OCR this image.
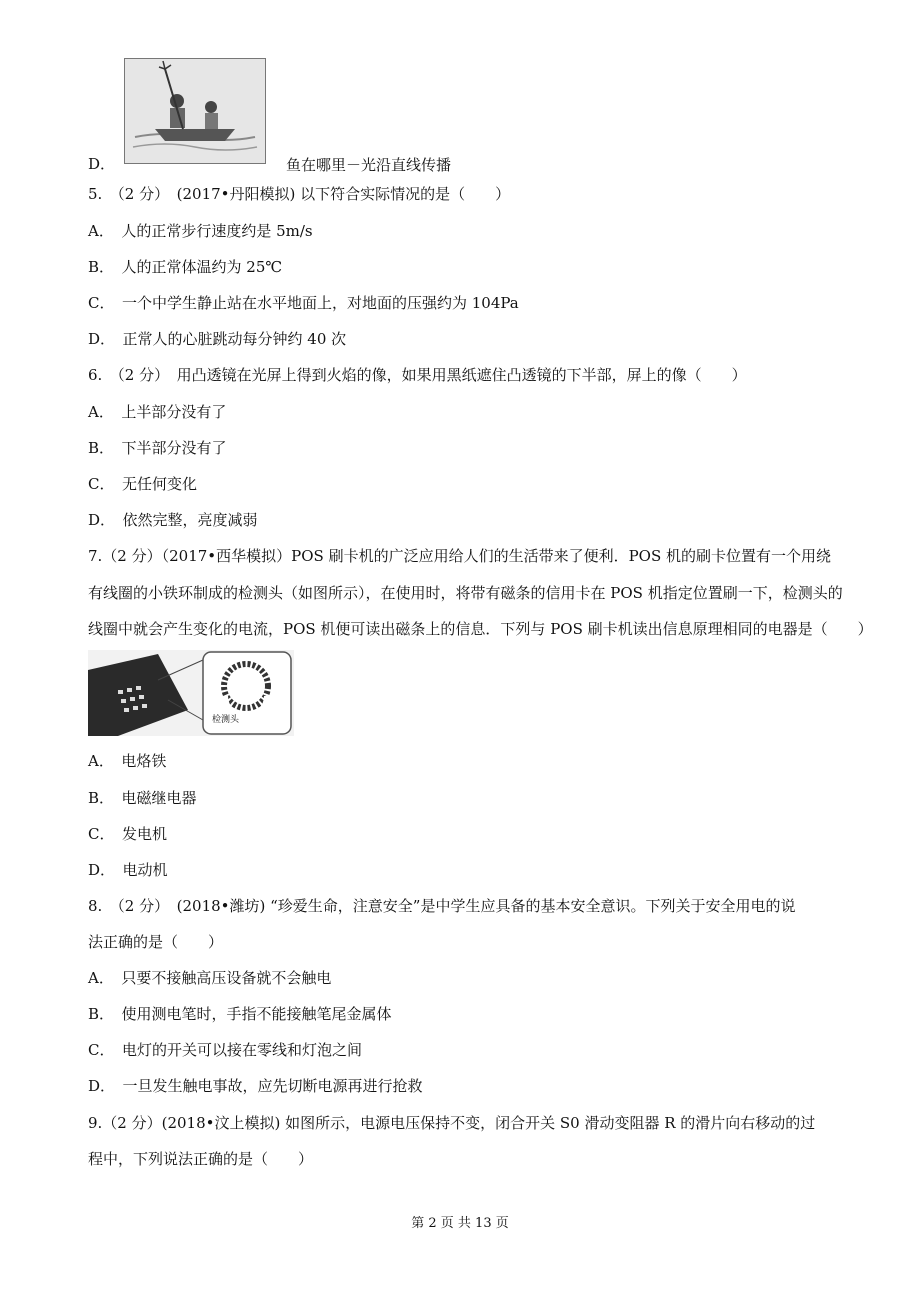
D．	鱼在哪里－光沿直线传播
5.　（2 分）　(2017•丹阳模拟) 以下符合实际情况的是（　　）
A．　人的正常步行速度约是 5m/s
B．　人的正常体温约为 25℃
C．　一个中学生静止站在水平地面上，对地面的压强约为 104Pa
D．　正常人的心脏跳动每分钟约 40 次
6.　（2 分）　用凸透镜在光屏上得到火焰的像，如果用黑纸遮住凸透镜的下半部，屏上的像（　　）
A．　上半部分没有了
B．　下半部分没有了
C．　无任何变化
D．　依然完整，亮度减弱
7.（2 分）（2017•西华模拟）POS 刷卡机的广泛应用给人们的生活带来了便利．POS 机的刷卡位置有一个用绕
有线圈的小铁环制成的检测头（如图所示），在使用时，将带有磁条的信用卡在 POS 机指定位置刷一下，检测头的
线圈中就会产生变化的电流，POS 机便可读出磁条上的信息．下列与 POS 刷卡机读出信息原理相同的电器是（　　）
检测头
A．　电烙铁
B．　电磁继电器
C．　发电机
D．　电动机
8.　（2 分）　(2018•潍坊) “珍爱生命，注意安全”是中学生应具备的基本安全意识。下列关于安全用电的说
法正确的是（　　）
A．　只要不接触高压设备就不会触电
B．　使用测电笔时，手指不能接触笔尾金属体
C．　电灯的开关可以接在零线和灯泡之间
D．　一旦发生触电事故，应先切断电源再进行抢救
9.（2 分）(2018•汶上模拟) 如图所示，电源电压保持不变，闭合开关 S0 滑动变阻器 R 的滑片向右移动的过
程中，下列说法正确的是（　　）
第 2 页 共 13 页
